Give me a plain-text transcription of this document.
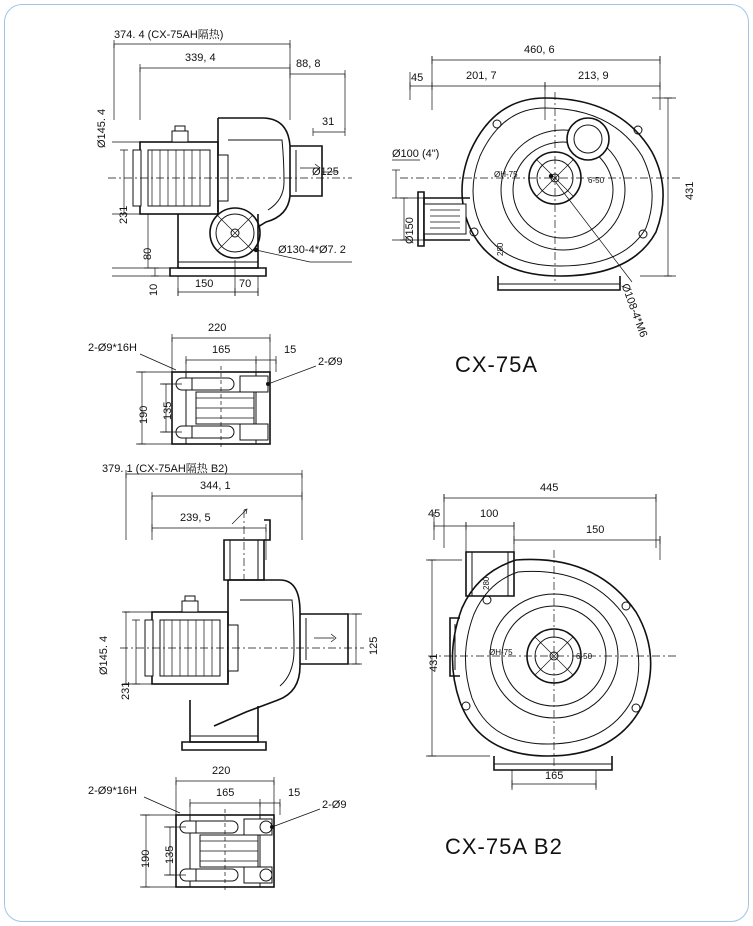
374. 4 (CX-75AH隔热)
339, 4	88, 8
31
Ø125
Ø145. 4
231
80
10	150 70
Ø130-4*Ø7. 2
460, 6
45	201, 7	213, 9
Ø100 (4")
Ø150
431
Ø108-4*M6
ØH-75
6-50
280
CX-75A
220
165	15
2-Ø9*16H
2-Ø9
190 135
379. 1 (CX-75AH隔热 B2)
344, 1
239, 5
125
Ø145. 4
231
445
45	100
150
431
165
ØH-75	6-50
280
CX-75A B2
220
165	15
2-Ø9*16H
2-Ø9
190 135
